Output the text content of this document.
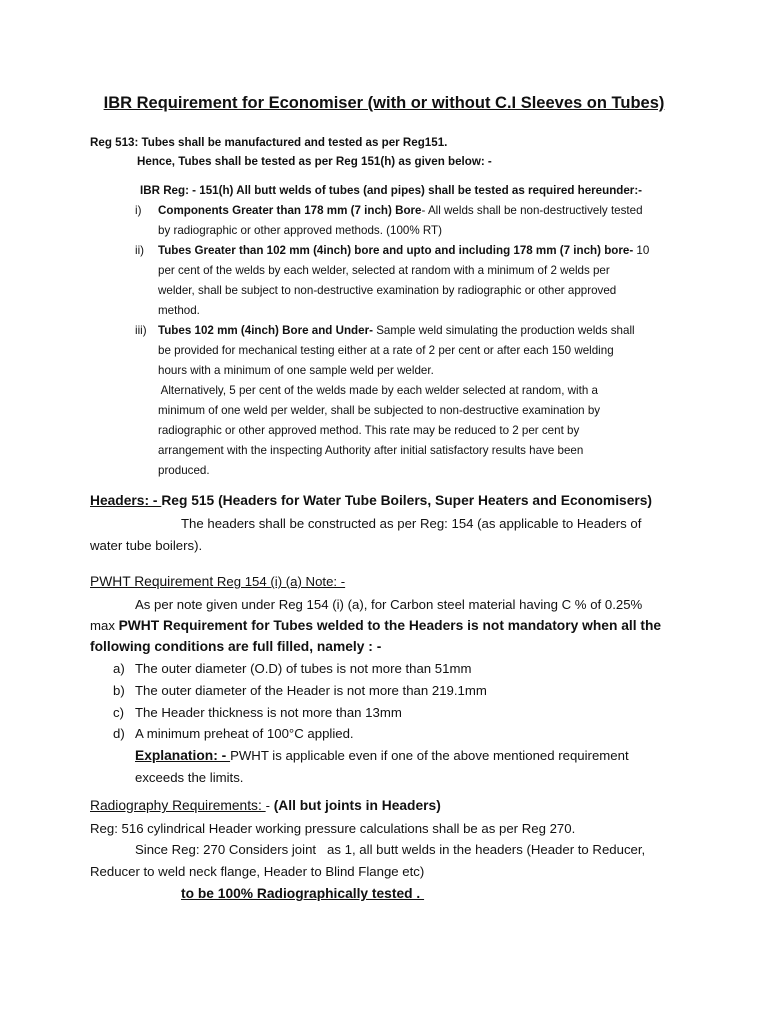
IBR Requirement for Economiser (with or without C.I Sleeves on Tubes)
Reg 513: Tubes shall be manufactured and tested as per Reg151.
Hence, Tubes shall be tested as per Reg 151(h) as given below: -
IBR Reg: - 151(h) All butt welds of tubes (and pipes) shall be tested as required hereunder:-
i) Components Greater than 178 mm (7 inch) Bore- All welds shall be non-destructively tested
by radiographic or other approved methods. (100% RT)
ii) Tubes Greater than 102 mm (4inch) bore and upto and including 178 mm (7 inch) bore- 10
per cent of the welds by each welder, selected at random with a minimum of 2 welds per
welder, shall be subject to non-destructive examination by radiographic or other approved
method.
iii) Tubes 102 mm (4inch) Bore and Under- Sample weld simulating the production welds shall
be provided for mechanical testing either at a rate of 2 per cent or after each 150 welding
hours with a minimum of one sample weld per welder.
Alternatively, 5 per cent of the welds made by each welder selected at random, with a
minimum of one weld per welder, shall be subjected to non-destructive examination by
radiographic or other approved method. This rate may be reduced to 2 per cent by
arrangement with the inspecting Authority after initial satisfactory results have been
produced.
Headers: - Reg 515 (Headers for Water Tube Boilers, Super Heaters and Economisers)
The headers shall be constructed as per Reg: 154 (as applicable to Headers of
water tube boilers).
PWHT Requirement Reg 154 (i) (a) Note: -
As per note given under Reg 154 (i) (a), for Carbon steel material having C % of 0.25%
max PWHT Requirement for Tubes welded to the Headers is not mandatory when all the
following conditions are full filled, namely : -
a) The outer diameter (O.D) of tubes is not more than 51mm
b) The outer diameter of the Header is not more than 219.1mm
c) The Header thickness is not more than 13mm
d) A minimum preheat of 100°C applied.
Explanation: - PWHT is applicable even if one of the above mentioned requirement
exceeds the limits.
Radiography Requirements: - (All but joints in Headers)
Reg: 516 cylindrical Header working pressure calculations shall be as per Reg 270.
Since Reg: 270 Considers joint   as 1, all butt welds in the headers (Header to Reducer,
Reducer to weld neck flange, Header to Blind Flange etc)
to be 100% Radiographically tested .
